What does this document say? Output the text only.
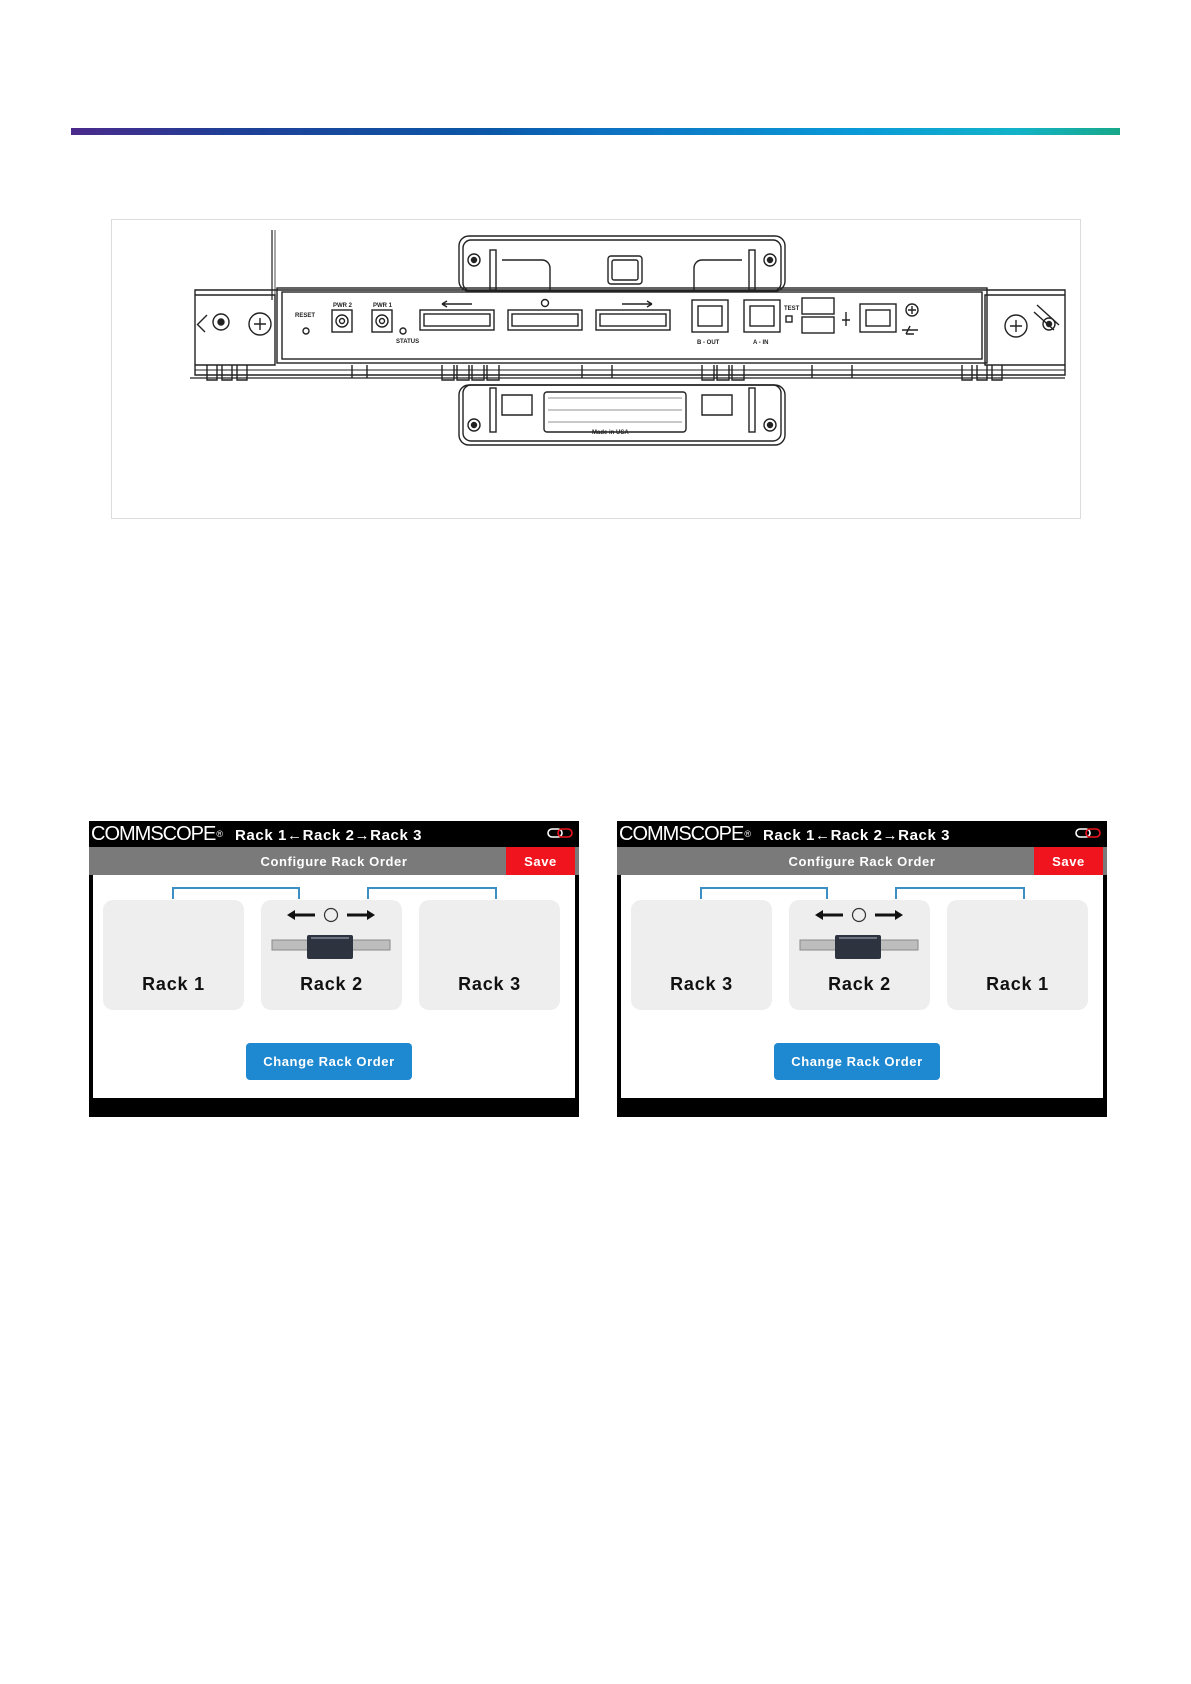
RESET
PWR 2	PWR 1
STATUS	B - OUT	A - IN
TEST
Made in USA
COMMSCOPE® Rack 1←Rack 2→Rack 3
Configure Rack Order	Save
Rack 1	Rack 2	Rack 3
Change Rack Order
COMMSCOPE® Rack 1←Rack 2→Rack 3
Configure Rack Order	Save
Rack 3	Rack 2	Rack 1
Change Rack Order
